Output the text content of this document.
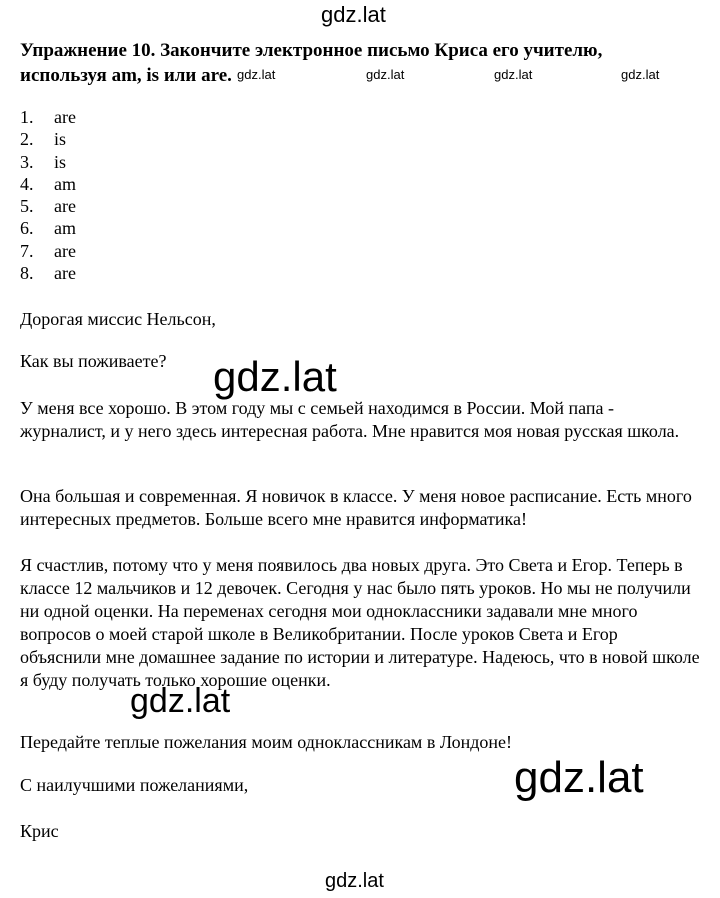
gdz.lat
Упражнение 10. Закончите электронное письмо Криса его учителю,
используя am, is или are. gdz.lat	gdz.lat	gdz.lat	gdz.lat
1.	are
2.	is
3.	is
4.	am
5.	are
6.	am
7.	are
8.	are

Дорогая миссис Нельсон,

Как вы поживаете?

У меня все хорошо. В этом году мы с семьей находимся в России. Мой папа - журналист, и у него здесь интересная работа. Мне нравится моя новая русская школа.

Она большая и современная. Я новичок в классе. У меня новое расписание. Есть много интересных предметов. Больше всего мне нравится информатика!

Я счастлив, потому что у меня появилось два новых друга. Это Света и Егор. Теперь в классе 12 мальчиков и 12 девочек. Сегодня у нас было пять уроков. Но мы не получили ни одной оценки. На переменах сегодня мои одноклассники задавали мне много вопросов о моей старой школе в Великобритании. После уроков Света и Егор объяснили мне домашнее задание по истории и литературе. Надеюсь, что в новой школе я буду получать только хорошие оценки.

Передайте теплые пожелания моим одноклассникам в Лондоне!

С наилучшими пожеланиями,

Крис

gdz.lat
gdz.lat
gdz.lat
gdz.lat
